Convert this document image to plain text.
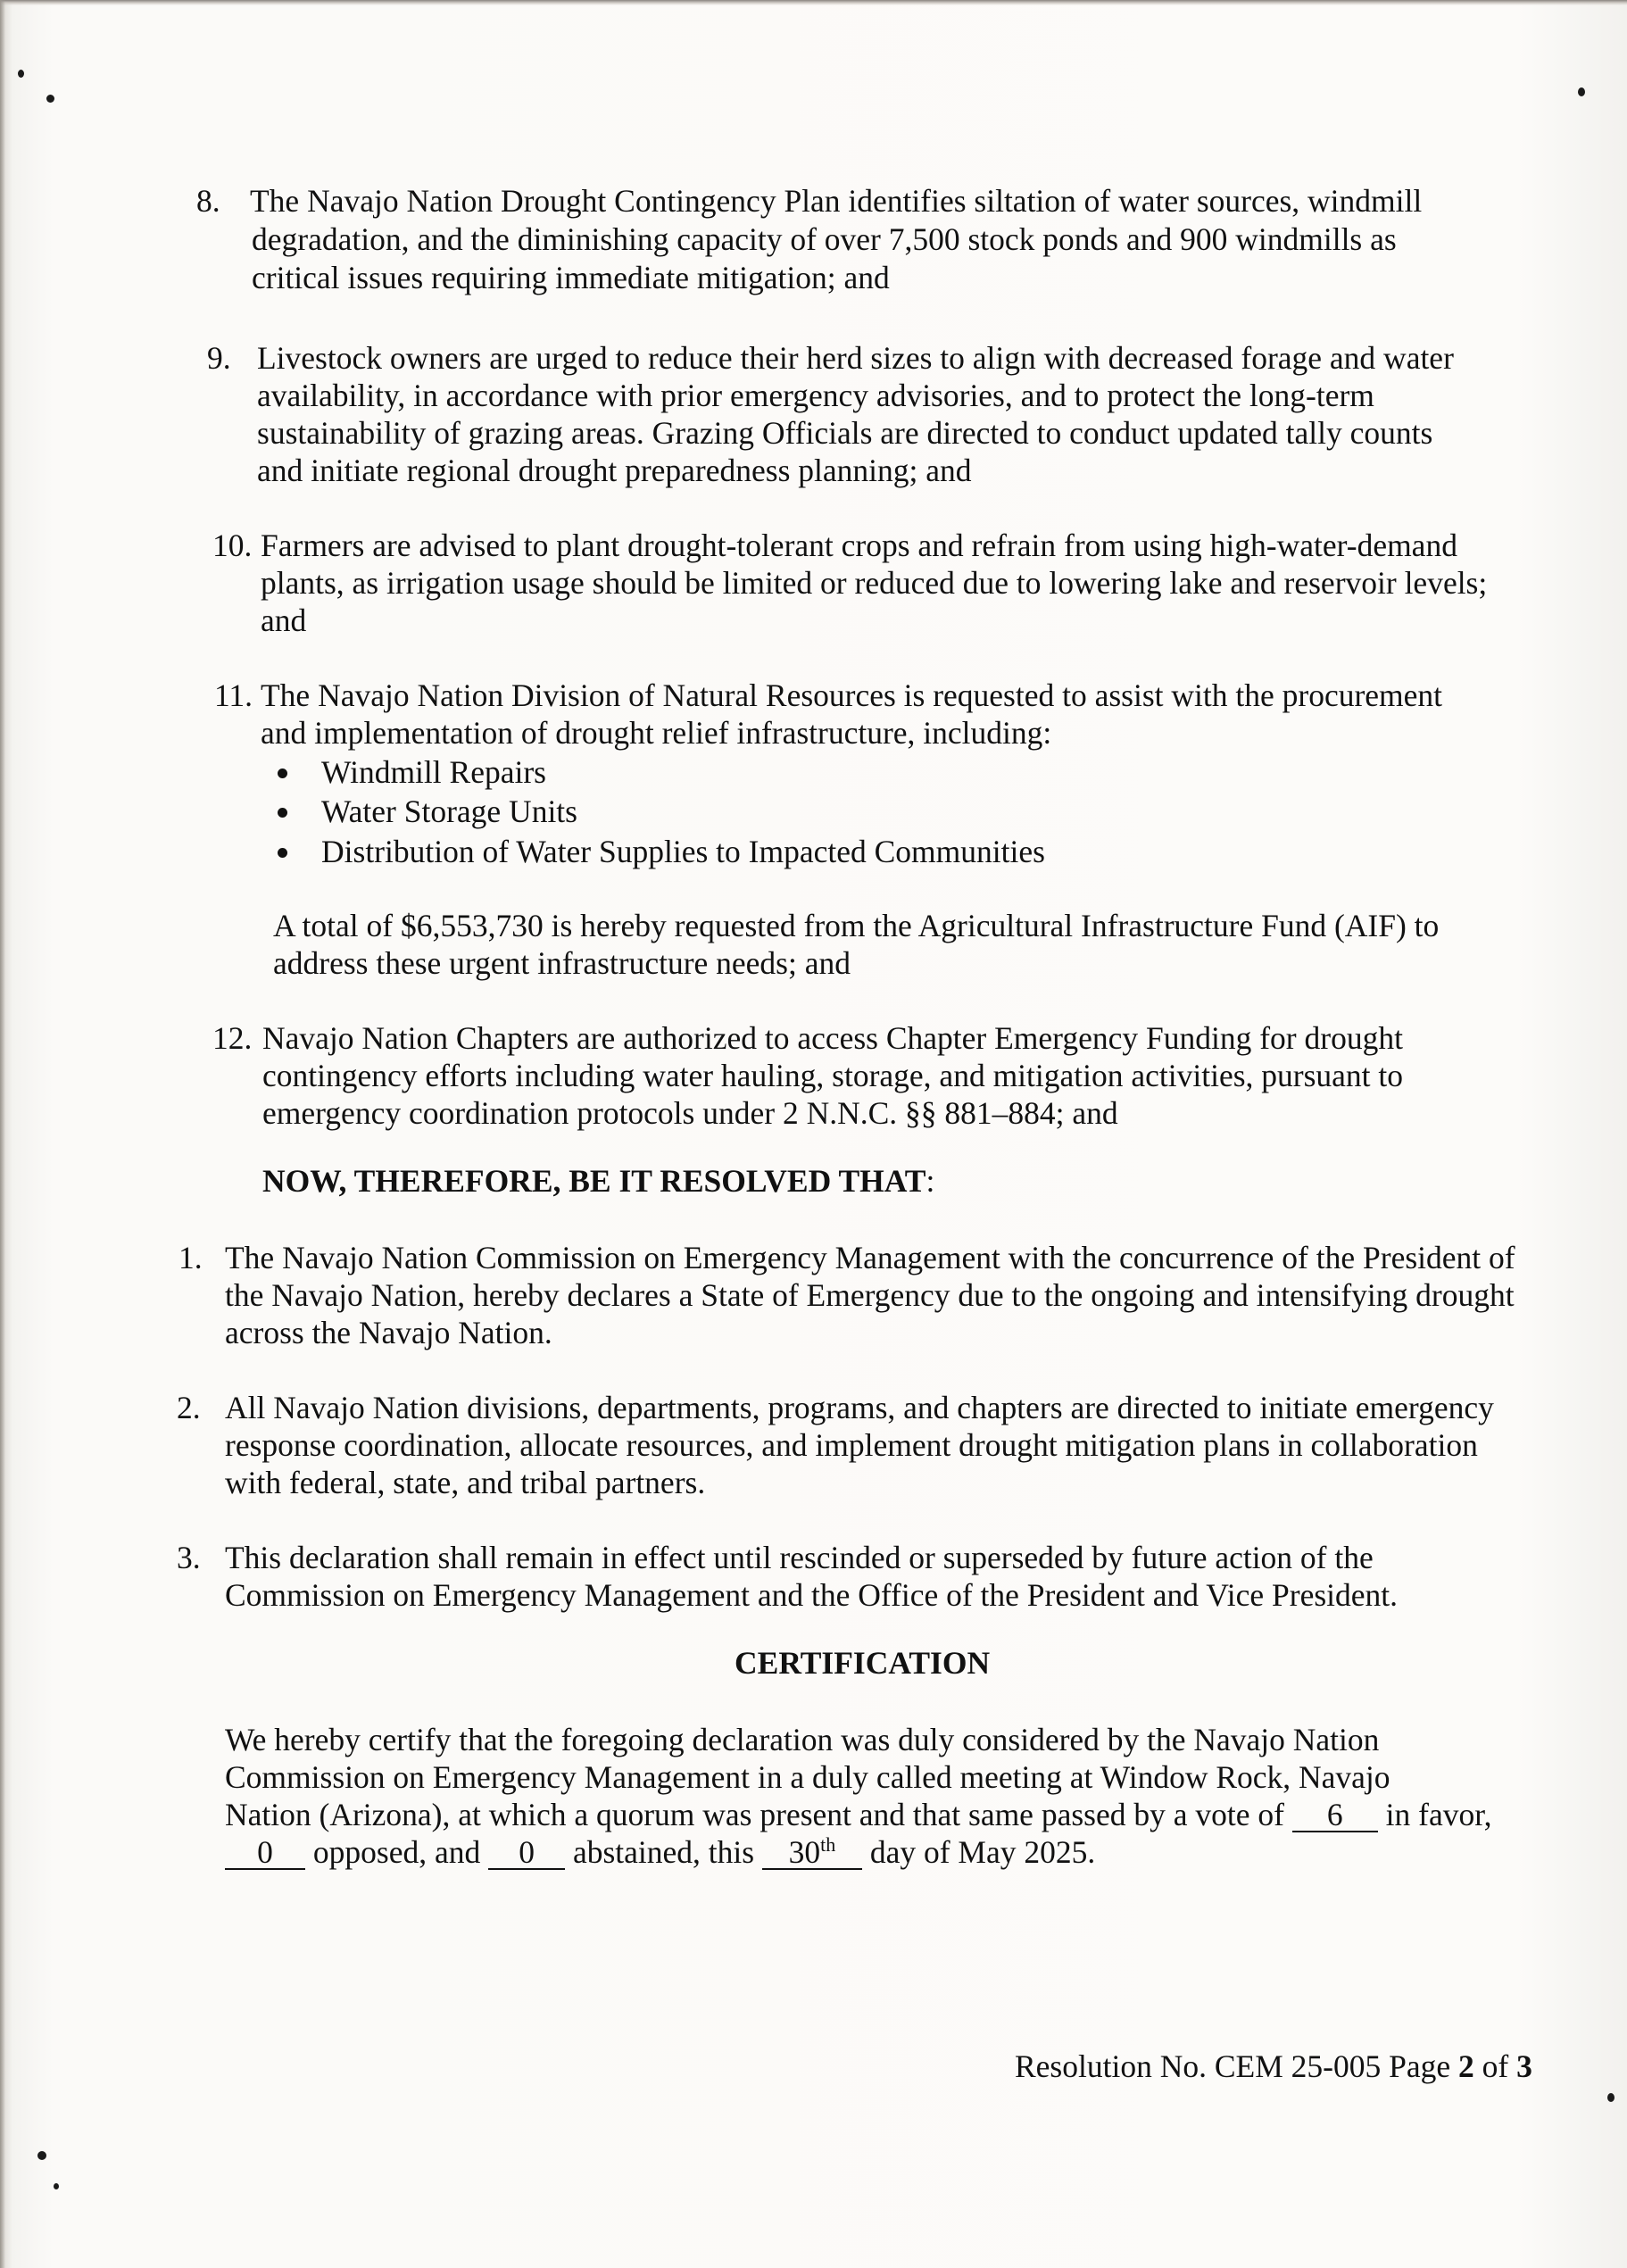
8. The Navajo Nation Drought Contingency Plan identifies siltation of water sources, windmill
degradation, and the diminishing capacity of over 7,500 stock ponds and 900 windmills as
critical issues requiring immediate mitigation; and
9. Livestock owners are urged to reduce their herd sizes to align with decreased forage and water
availability, in accordance with prior emergency advisories, and to protect the long-term
sustainability of grazing areas. Grazing Officials are directed to conduct updated tally counts
and initiate regional drought preparedness planning; and
10. Farmers are advised to plant drought-tolerant crops and refrain from using high-water-demand
plants, as irrigation usage should be limited or reduced due to lowering lake and reservoir levels;
and
11. The Navajo Nation Division of Natural Resources is requested to assist with the procurement
and implementation of drought relief infrastructure, including:
Windmill Repairs
Water Storage Units
Distribution of Water Supplies to Impacted Communities
A total of $6,553,730 is hereby requested from the Agricultural Infrastructure Fund (AIF) to
address these urgent infrastructure needs; and
12. Navajo Nation Chapters are authorized to access Chapter Emergency Funding for drought
contingency efforts including water hauling, storage, and mitigation activities, pursuant to
emergency coordination protocols under 2 N.N.C. §§ 881–884; and
NOW, THEREFORE, BE IT RESOLVED THAT:
1. The Navajo Nation Commission on Emergency Management with the concurrence of the President of
the Navajo Nation, hereby declares a State of Emergency due to the ongoing and intensifying drought
across the Navajo Nation.
2. All Navajo Nation divisions, departments, programs, and chapters are directed to initiate emergency
response coordination, allocate resources, and implement drought mitigation plans in collaboration
with federal, state, and tribal partners.
3. This declaration shall remain in effect until rescinded or superseded by future action of the
Commission on Emergency Management and the Office of the President and Vice President.
CERTIFICATION
We hereby certify that the foregoing declaration was duly considered by the Navajo Nation
Commission on Emergency Management in a duly called meeting at Window Rock, Navajo
Nation (Arizona), at which a quorum was present and that same passed by a vote of 6 in favor,
0 opposed, and 0 abstained, this 30th day of May 2025.
Resolution No. CEM 25-005 Page 2 of 3
